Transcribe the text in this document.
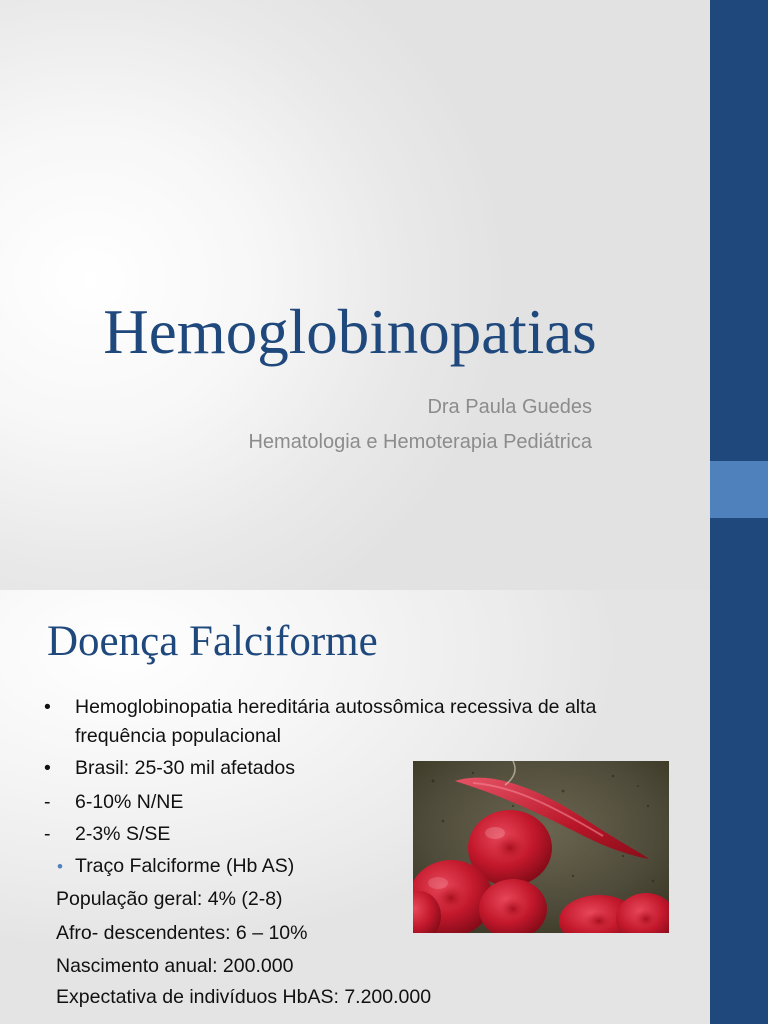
Hemoglobinopatias
Dra Paula Guedes
Hematologia e Hemoterapia Pediátrica
Doença Falciforme
• Hemoglobinopatia hereditária autossômica recessiva de alta
frequência populacional
• Brasil: 25-30 mil afetados
- 6-10% N/NE
- 2-3% S/SE
• Traço Falciforme (Hb AS)
População geral: 4% (2-8)
Afro- descendentes: 6 – 10%
Nascimento anual: 200.000
Expectativa de indivíduos HbAS: 7.200.000
